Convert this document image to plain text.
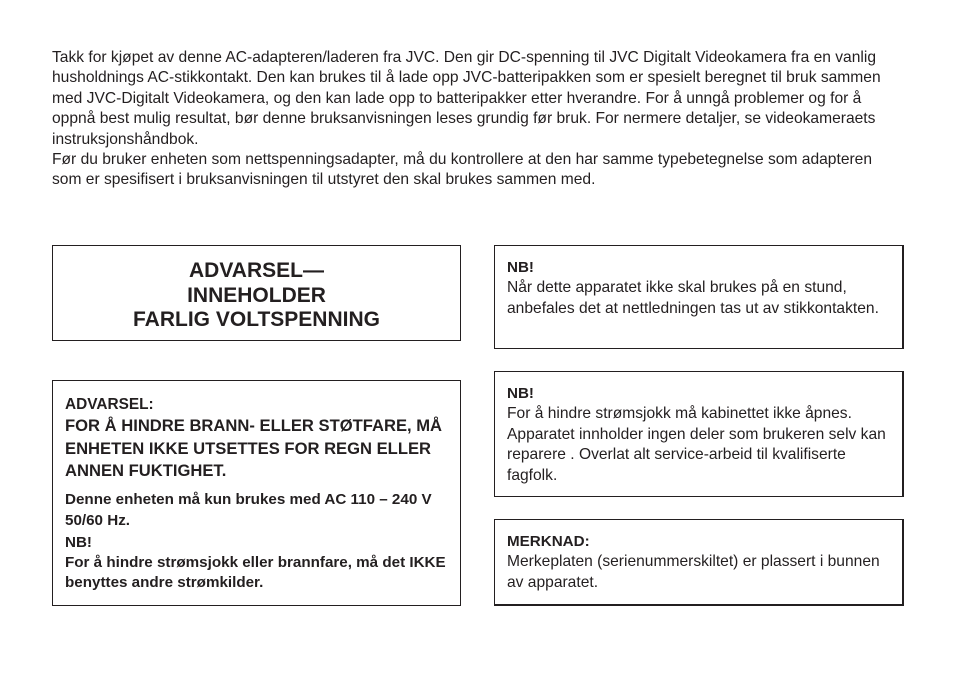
Takk for kjøpet av denne AC-adapteren/laderen fra JVC. Den gir DC-spenning til JVC Digitalt Videokamera fra en vanlig husholdnings AC-stikkontakt. Den kan brukes til å lade opp JVC-batteripakken som er spesielt beregnet til bruk sammen med JVC-Digitalt Videokamera, og den kan lade opp to batteripakker etter hverandre. For å unngå problemer og for å oppnå best mulig resultat, bør denne bruksanvisningen leses grundig før bruk. For nermere detaljer, se videokameraets instruksjonshåndbok.

Før du bruker enheten som nettspenningsadapter, må du kontrollere at den har samme typebetegnelse som adapteren som er spesifisert i bruksanvisningen til utstyret den skal brukes sammen med.

ADVARSEL—
INNEHOLDER
FARLIG VOLTSPENNING
ADVARSEL:
FOR Å HINDRE BRANN- ELLER STØTFARE, MÅ ENHETEN IKKE UTSETTES FOR REGN ELLER ANNEN FUKTIGHET.
Denne enheten må kun brukes med AC 110 – 240 V 50/60 Hz.
NB!
For å hindre strømsjokk eller brannfare, må det IKKE benyttes andre strømkilder.
NB!
Når dette apparatet ikke skal brukes på en stund, anbefales det at nettledningen tas ut av stikkontakten.
NB!
For å hindre strømsjokk må kabinettet ikke åpnes. Apparatet innholder ingen deler som brukeren selv kan reparere . Overlat alt service-arbeid til kvalifiserte fagfolk.
MERKNAD:
Merkeplaten (serienummerskiltet) er plassert i bunnen av apparatet.
